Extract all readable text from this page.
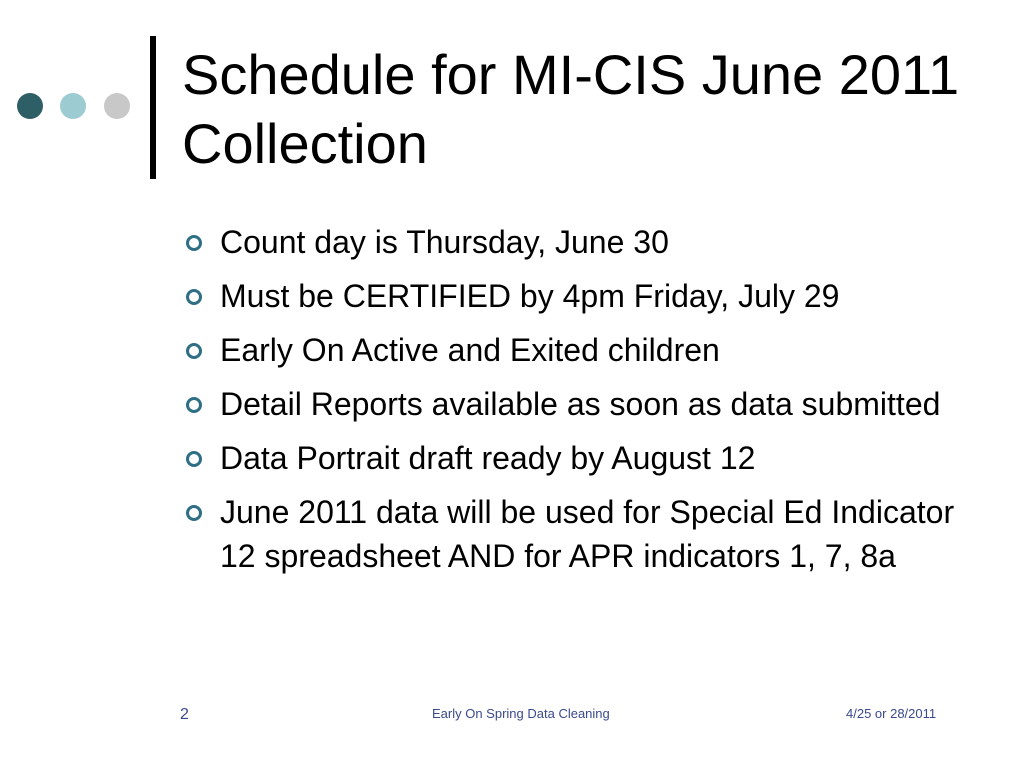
Schedule for MI-CIS June 2011 Collection
Count day is Thursday, June 30
Must be CERTIFIED by 4pm Friday, July 29
Early On Active and Exited children
Detail Reports available as soon as data submitted
Data Portrait draft ready by August 12
June 2011 data will be used for Special Ed Indicator 12 spreadsheet AND for APR indicators 1, 7, 8a
2	Early On Spring Data Cleaning	4/25 or 28/2011
